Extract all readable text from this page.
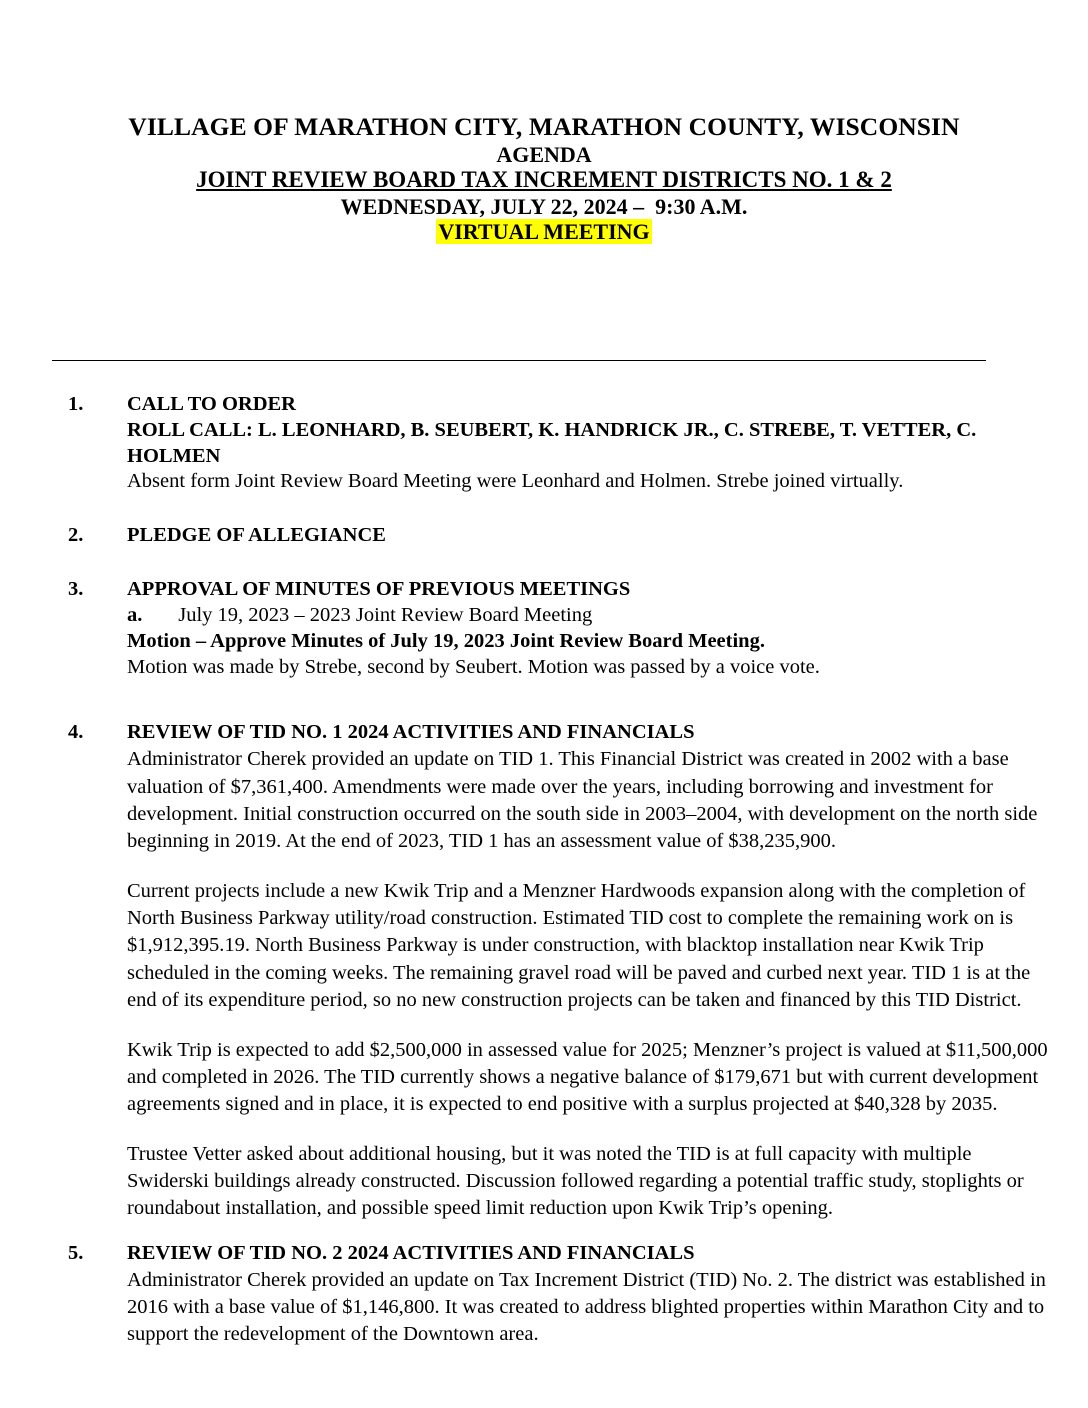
VILLAGE OF MARATHON CITY, MARATHON COUNTY, WISCONSIN
AGENDA
JOINT REVIEW BOARD TAX INCREMENT DISTRICTS NO. 1 & 2
WEDNESDAY, JULY 22, 2024 –  9:30 A.M.
VIRTUAL MEETING
1. CALL TO ORDER

ROLL CALL: L. LEONHARD, B. SEUBERT, K. HANDRICK JR., C. STREBE, T. VETTER, C. HOLMEN

Absent form Joint Review Board Meeting were Leonhard and Holmen. Strebe joined virtually.

2. PLEDGE OF ALLEGIANCE

3. APPROVAL OF MINUTES OF PREVIOUS MEETINGS

a. July 19, 2023 – 2023 Joint Review Board Meeting

Motion – Approve Minutes of July 19, 2023 Joint Review Board Meeting.

Motion was made by Strebe, second by Seubert. Motion was passed by a voice vote.

4. REVIEW OF TID NO. 1 2024 ACTIVITIES AND FINANCIALS

Administrator Cherek provided an update on TID 1. This Financial District was created in 2002 with a base valuation of $7,361,400. Amendments were made over the years, including borrowing and investment for development. Initial construction occurred on the south side in 2003–2004, with development on the north side beginning in 2019. At the end of 2023, TID 1 has an assessment value of $38,235,900.

Current projects include a new Kwik Trip and a Menzner Hardwoods expansion along with the completion of North Business Parkway utility/road construction. Estimated TID cost to complete the remaining work on is $1,912,395.19. North Business Parkway is under construction, with blacktop installation near Kwik Trip scheduled in the coming weeks. The remaining gravel road will be paved and curbed next year. TID 1 is at the end of its expenditure period, so no new construction projects can be taken and financed by this TID District.

Kwik Trip is expected to add $2,500,000 in assessed value for 2025; Menzner’s project is valued at $11,500,000 and completed in 2026. The TID currently shows a negative balance of $179,671 but with current development agreements signed and in place, it is expected to end positive with a surplus projected at $40,328 by 2035.

Trustee Vetter asked about additional housing, but it was noted the TID is at full capacity with multiple Swiderski buildings already constructed. Discussion followed regarding a potential traffic study, stoplights or roundabout installation, and possible speed limit reduction upon Kwik Trip’s opening.

5. REVIEW OF TID NO. 2 2024 ACTIVITIES AND FINANCIALS

Administrator Cherek provided an update on Tax Increment District (TID) No. 2. The district was established in 2016 with a base value of $1,146,800. It was created to address blighted properties within Marathon City and to support the redevelopment of the Downtown area.
